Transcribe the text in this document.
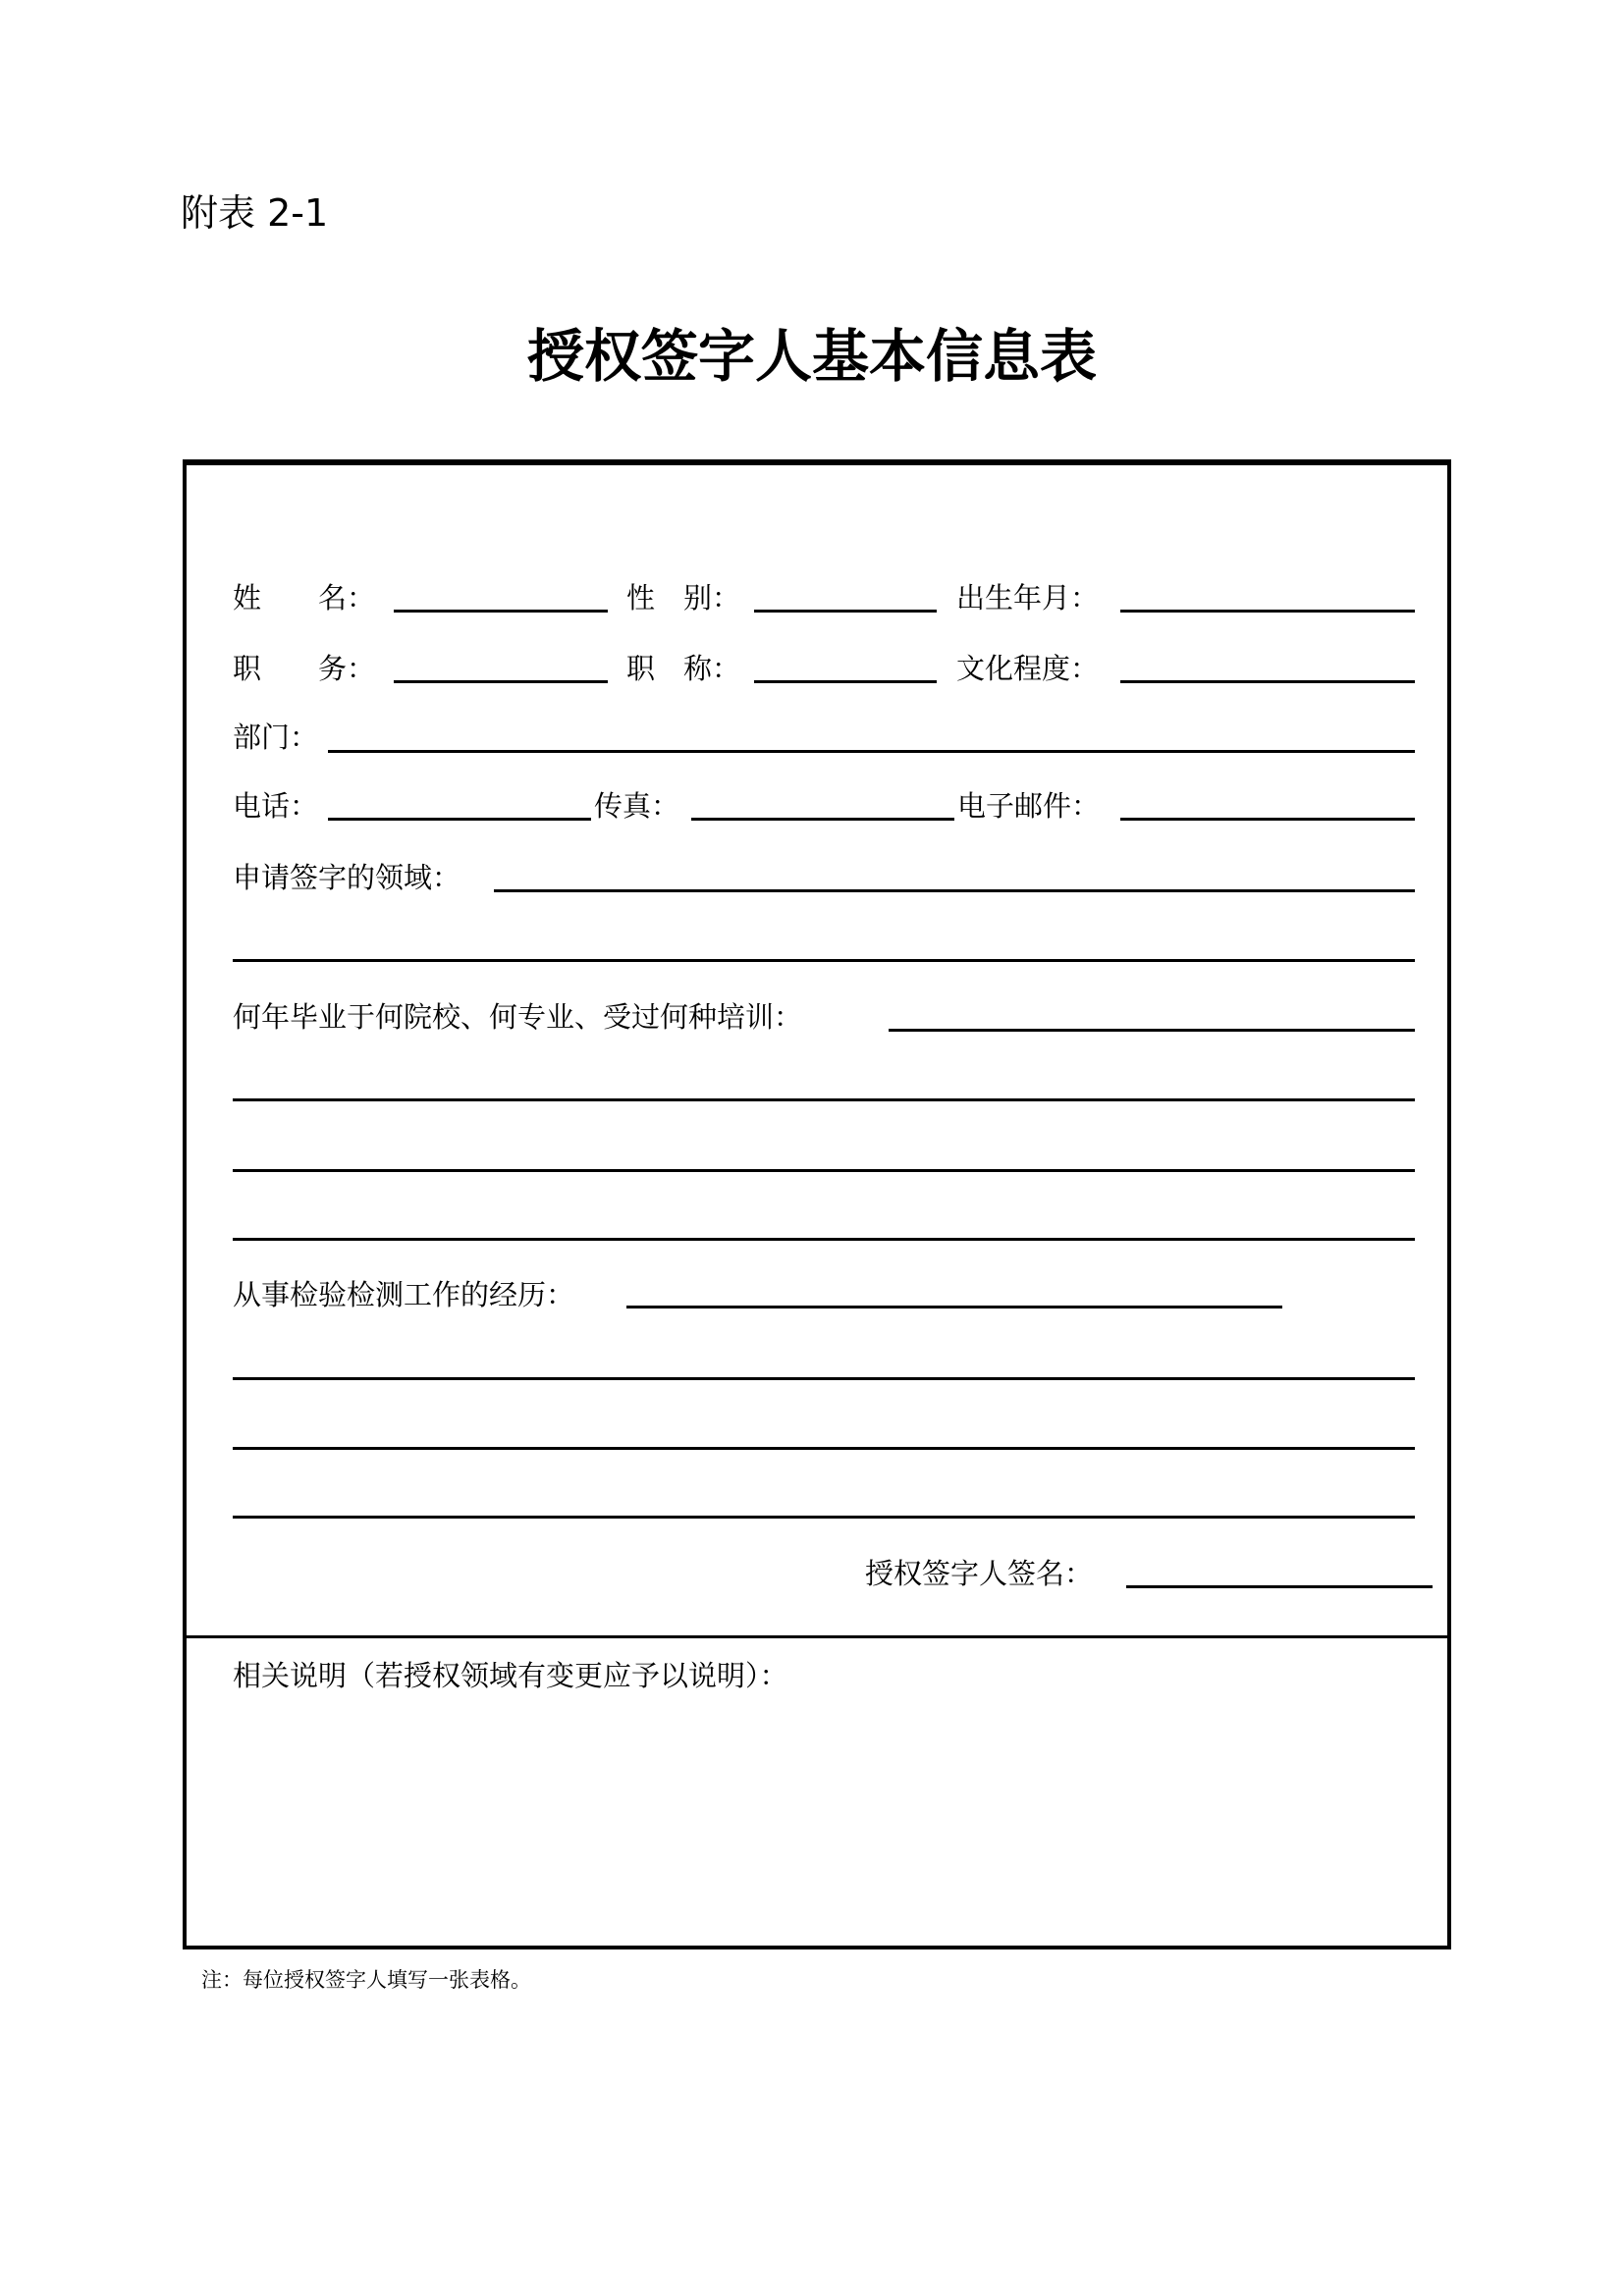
附表 2-1
授权签字人基本信息表
姓　　名：	性　别：	出生年月：
职　　务：	职　称：	文化程度：
部门：
电话：	传真：	电子邮件：
申请签字的领域：
何年毕业于何院校、何专业、受过何种培训：
从事检验检测工作的经历：
授权签字人签名：
相关说明（若授权领域有变更应予以说明）：
注：每位授权签字人填写一张表格。
